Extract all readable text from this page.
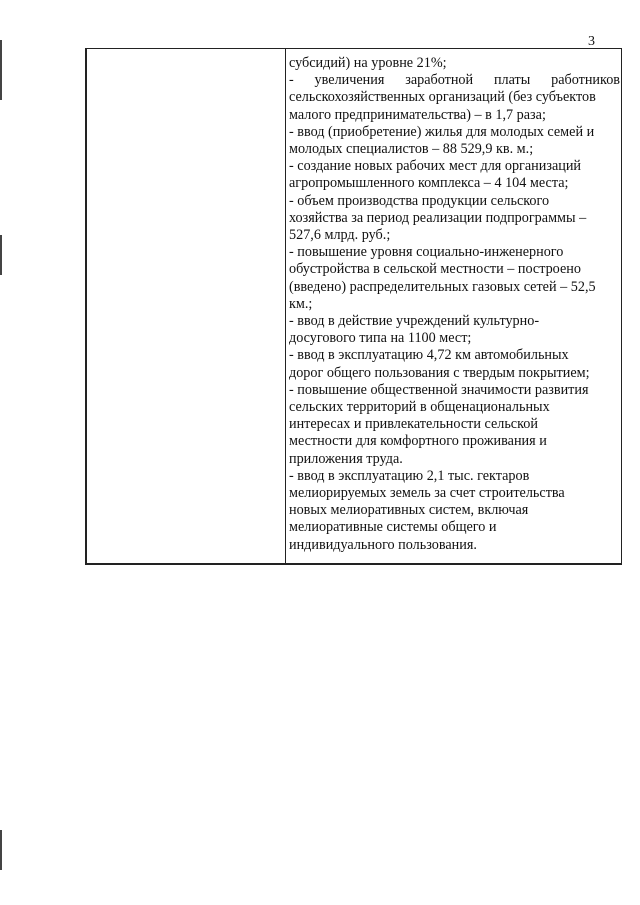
3
субсидий) на уровне 21%;
- увеличения заработной платы работников
сельскохозяйственных организаций (без субъектов
малого предпринимательства) – в 1,7 раза;
- ввод (приобретение) жилья для молодых семей и
молодых специалистов – 88 529,9 кв. м.;
- создание новых рабочих мест для организаций
агропромышленного комплекса – 4 104 места;
- объем производства продукции сельского
хозяйства за период реализации подпрограммы –
527,6 млрд. руб.;
- повышение уровня социально-инженерного
обустройства в сельской местности – построено
(введено) распределительных газовых сетей – 52,5
км.;
- ввод в действие учреждений культурно-
досугового типа на 1100 мест;
- ввод в эксплуатацию 4,72 км автомобильных
дорог общего пользования с твердым покрытием;
- повышение общественной значимости развития
сельских территорий в общенациональных
интересах и привлекательности сельской
местности для комфортного проживания и
приложения труда.
- ввод в эксплуатацию 2,1 тыс. гектаров
мелиорируемых земель за счет строительства
новых мелиоративных систем, включая
мелиоративные системы общего и
индивидуального пользования.
